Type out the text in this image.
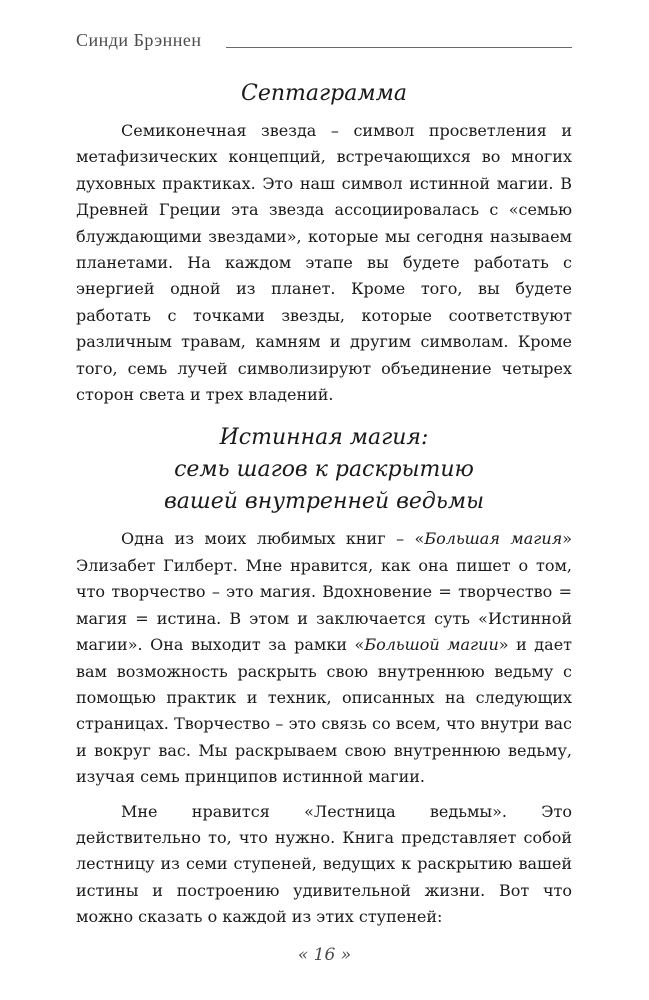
Синди Брэннен
Септаграмма

Семиконечная звезда – символ просветления и метафизических концепций, встречающихся во многих духовных практиках. Это наш символ истинной магии. В Древней Греции эта звезда ассоциировалась с «семью блуждающими звездами», которые мы сегодня называем планетами. На каждом этапе вы будете работать с энергией одной из планет. Кроме того, вы будете работать с точками звезды, которые соответствуют различным травам, камням и другим символам. Кроме того, семь лучей символизируют объединение четырех сторон света и трех владений.

Истинная магия:
семь шагов к раскрытию
вашей внутренней ведьмы

Одна из моих любимых книг – «Большая магия» Элизабет Гилберт. Мне нравится, как она пишет о том, что творчество – это магия. Вдохновение = творчество = магия = истина. В этом и заключается суть «Истинной магии». Она выходит за рамки «Большой магии» и дает вам возможность раскрыть свою внутреннюю ведьму с помощью практик и техник, описанных на следующих страницах. Творчество – это связь со всем, что внутри вас и вокруг вас. Мы раскрываем свою внутреннюю ведьму, изучая семь принципов истинной магии.

Мне нравится «Лестница ведьмы». Это действительно то, что нужно. Книга представляет собой лестницу из семи ступеней, ведущих к раскрытию вашей истины и построению удивительной жизни. Вот что можно сказать о каждой из этих ступеней:

« 16 »
